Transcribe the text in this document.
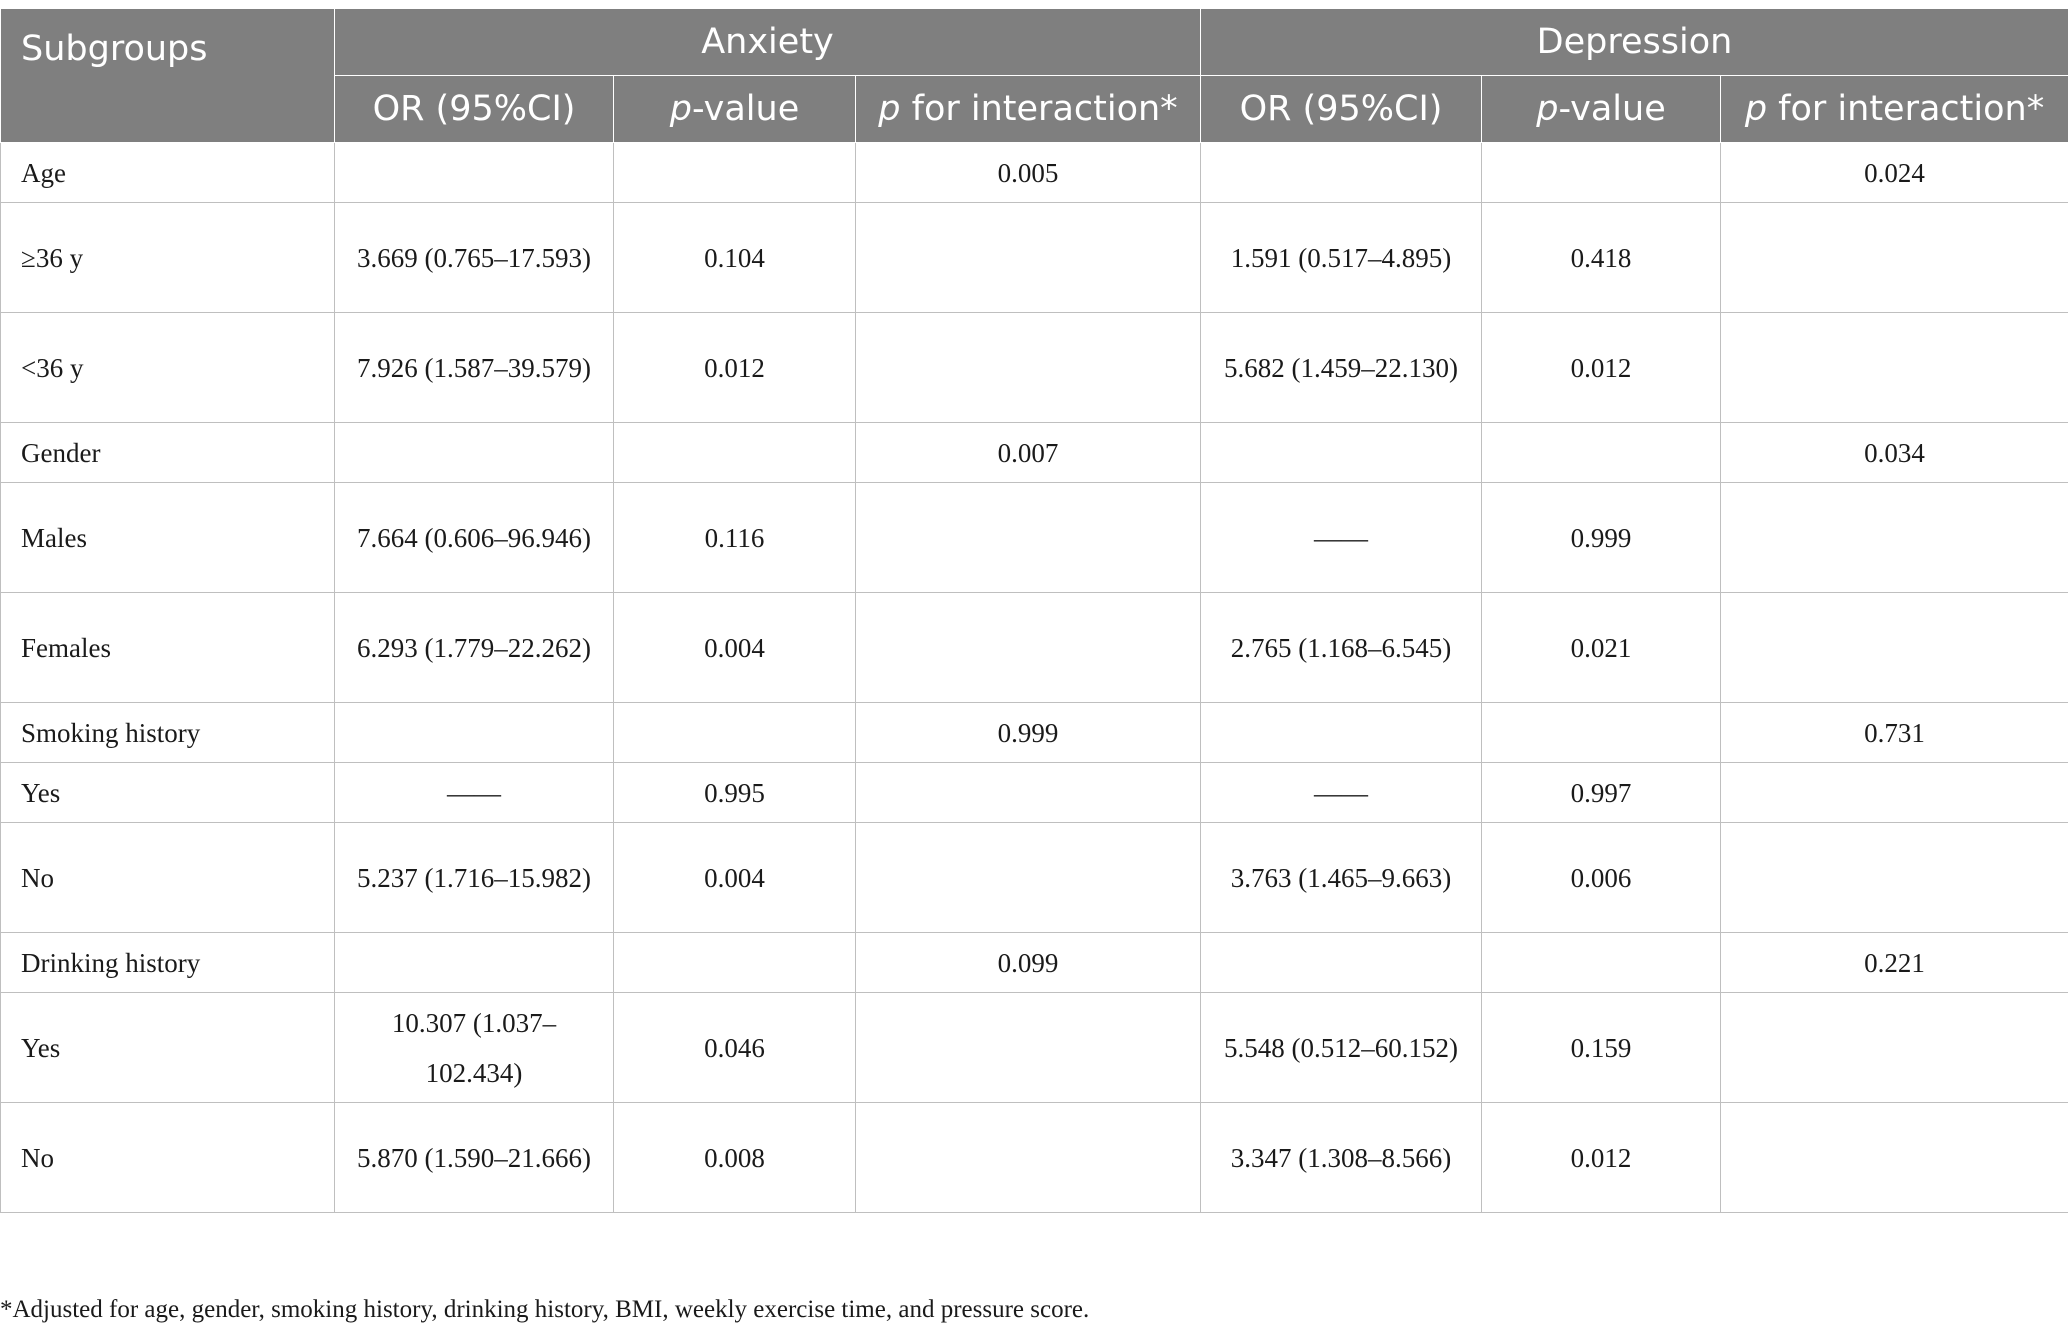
Subgroups	Anxiety			Depression		
	OR (95%CI)	p-value	p for interaction*	OR (95%CI)	p-value	p for interaction*
Age			0.005			0.024
≥36 y	3.669 (0.765–17.593)	0.104		1.591 (0.517–4.895)	0.418	
<36 y	7.926 (1.587–39.579)	0.012		5.682 (1.459–22.130)	0.012	
Gender			0.007			0.034
Males	7.664 (0.606–96.946)	0.116		——	0.999	
Females	6.293 (1.779–22.262)	0.004		2.765 (1.168–6.545)	0.021	
Smoking history			0.999			0.731
Yes	——	0.995		——	0.997	
No	5.237 (1.716–15.982)	0.004		3.763 (1.465–9.663)	0.006	
Drinking history			0.099			0.221
Yes	10.307 (1.037–102.434)	0.046		5.548 (0.512–60.152)	0.159	
No	5.870 (1.590–21.666)	0.008		3.347 (1.308–8.566)	0.012	

*Adjusted for age, gender, smoking history, drinking history, BMI, weekly exercise time, and pressure score.
